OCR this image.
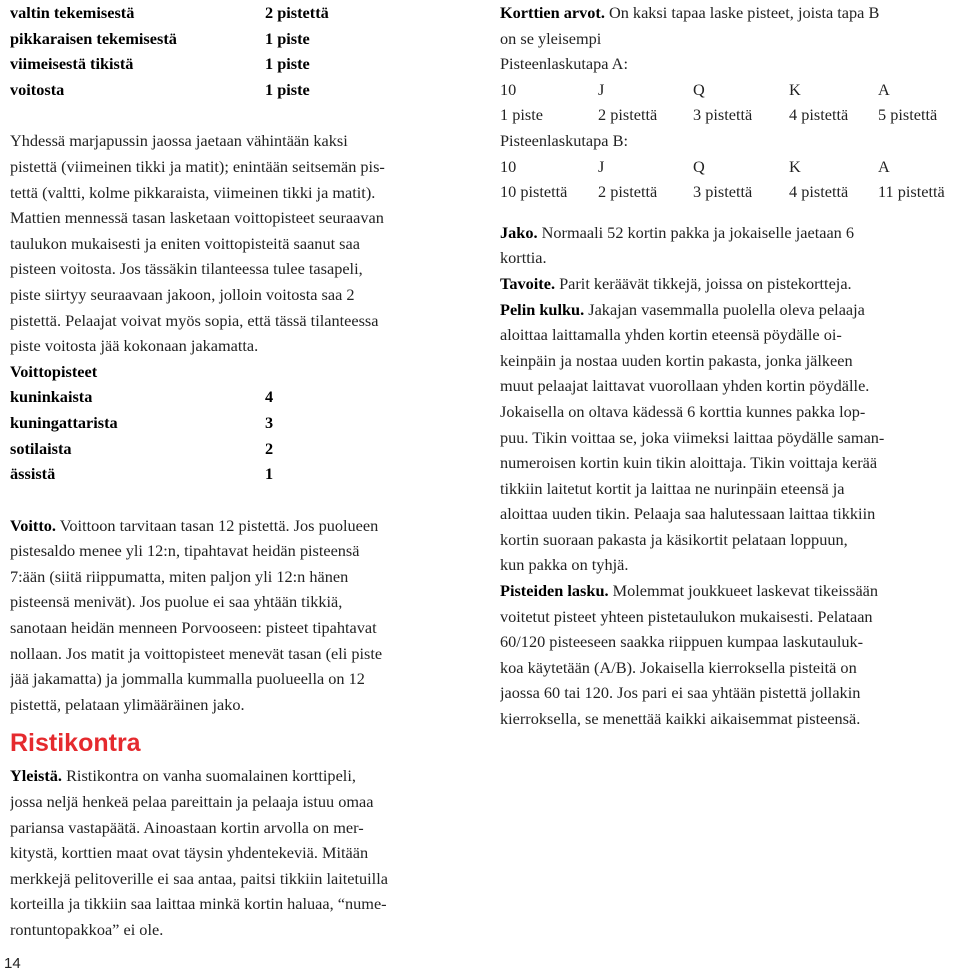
valtin tekemisestä	2 pistettä
pikkaraisen tekemisestä	1 piste
viimeisestä tikistä	1 piste
voitosta	1 piste
Yhdessä marjapussin jaossa jaetaan vähintään kaksi
pistettä (viimeinen tikki ja matit); enintään seitsemän pis-
tettä (valtti, kolme pikkaraista, viimeinen tikki ja matit).
Mattien mennessä tasan lasketaan voittopisteet seuraavan
taulukon mukaisesti ja eniten voittopisteitä saanut saa
pisteen voitosta. Jos tässäkin tilanteessa tulee tasapeli,
piste siirtyy seuraavaan jakoon, jolloin voitosta saa 2
pistettä. Pelaajat voivat myös sopia, että tässä tilanteessa
piste voitosta jää kokonaan jakamatta.
Voittopisteet
kuninkaista	4
kuningattarista	3
sotilaista	2
ässistä	1
Voitto. Voittoon tarvitaan tasan 12 pistettä. Jos puolueen
pistesaldo menee yli 12:n, tipahtavat heidän pisteensä
7:ään (siitä riippumatta, miten paljon yli 12:n hänen
pisteensä menivät). Jos puolue ei saa yhtään tikkiä,
sanotaan heidän menneen Porvooseen: pisteet tipahtavat
nollaan. Jos matit ja voittopisteet menevät tasan (eli piste
jää jakamatta) ja jommalla kummalla puolueella on 12
pistettä, pelataan ylimääräinen jako.
Ristikontra
Yleistä. Ristikontra on vanha suomalainen korttipeli,
jossa neljä henkeä pelaa pareittain ja pelaaja istuu omaa
pariansa vastapäätä. Ainoastaan kortin arvolla on mer-
kitystä, korttien maat ovat täysin yhdentekeviä. Mitään
merkkejä pelitoverille ei saa antaa, paitsi tikkiin laitetuilla
korteilla ja tikkiin saa laittaa minkä kortin haluaa, “nume-
rontuntopakkoa” ei ole.
Korttien arvot. On kaksi tapaa laske pisteet, joista tapa B
on se yleisempi
Pisteenlaskutapa A:
10	J	Q	K	A
1 piste	2 pistettä 3 pistettä 4 pistettä 5 pistettä
Pisteenlaskutapa B:
10	J	Q	K	A
10 pistettä 2 pistettä 3 pistettä 4 pistettä 11 pistettä
Jako. Normaali 52 kortin pakka ja jokaiselle jaetaan 6
korttia.
Tavoite. Parit keräävät tikkejä, joissa on pistekortteja.
Pelin kulku. Jakajan vasemmalla puolella oleva pelaaja
aloittaa laittamalla yhden kortin eteensä pöydälle oi-
keinpäin ja nostaa uuden kortin pakasta, jonka jälkeen
muut pelaajat laittavat vuorollaan yhden kortin pöydälle.
Jokaisella on oltava kädessä 6 korttia kunnes pakka lop-
puu. Tikin voittaa se, joka viimeksi laittaa pöydälle saman-
numeroisen kortin kuin tikin aloittaja. Tikin voittaja kerää
tikkiin laitetut kortit ja laittaa ne nurinpäin eteensä ja
aloittaa uuden tikin. Pelaaja saa halutessaan laittaa tikkiin
kortin suoraan pakasta ja käsikortit pelataan loppuun,
kun pakka on tyhjä.
Pisteiden lasku. Molemmat joukkueet laskevat tikeissään
voitetut pisteet yhteen pistetaulukon mukaisesti. Pelataan
60/120 pisteeseen saakka riippuen kumpaa laskutauluk-
koa käytetään (A/B). Jokaisella kierroksella pisteitä on
jaossa 60 tai 120. Jos pari ei saa yhtään pistettä jollakin
kierroksella, se menettää kaikki aikaisemmat pisteensä.
14
